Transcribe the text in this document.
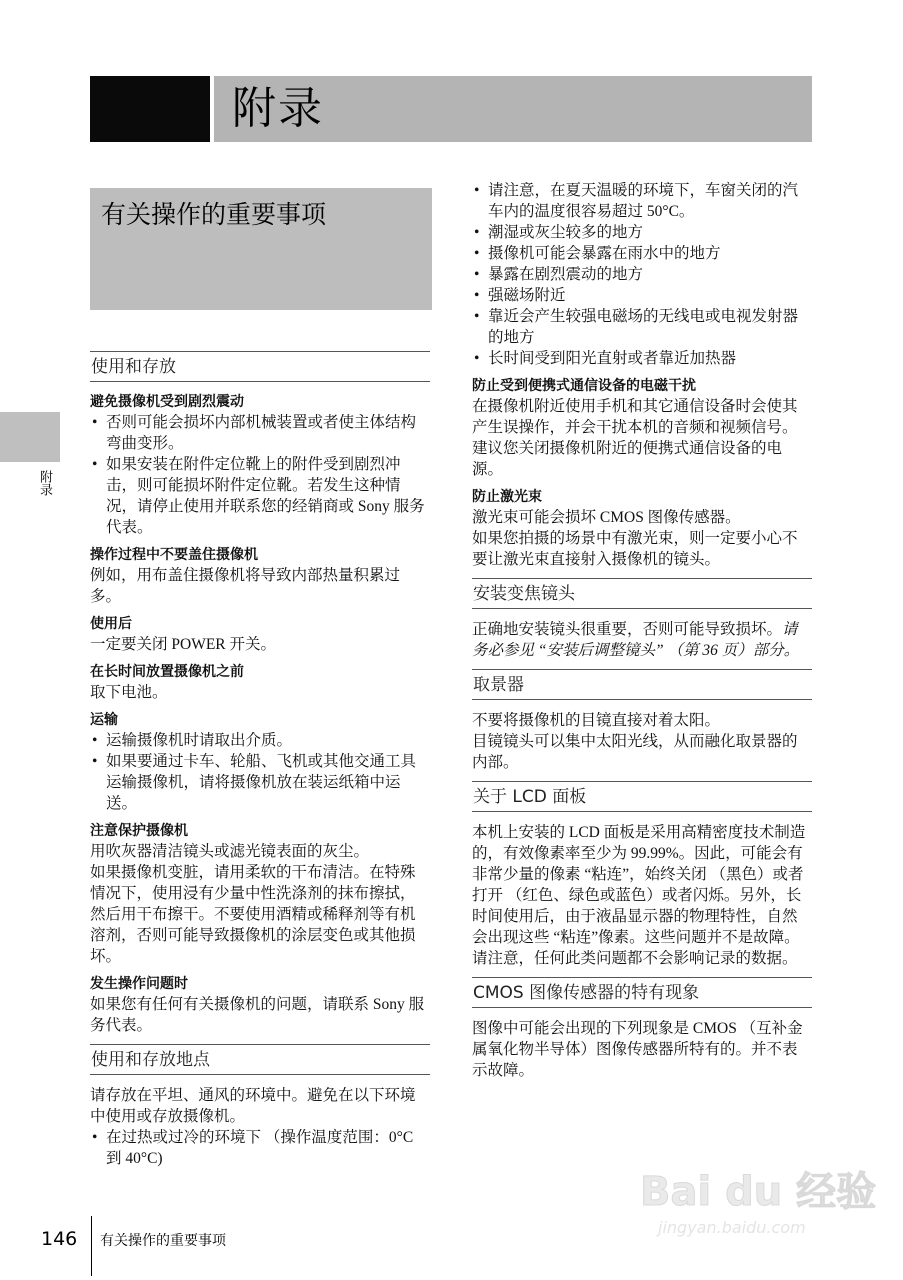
附录
有关操作的重要事项
附录
使用和存放
避免摄像机受到剧烈震动
• 否则可能会损坏内部机械装置或者使主体结构弯曲变形。
• 如果安装在附件定位靴上的附件受到剧烈冲击，则可能损坏附件定位靴。若发生这种情况，请停止使用并联系您的经销商或 Sony 服务代表。
操作过程中不要盖住摄像机

例如，用布盖住摄像机将导致内部热量积累过多。

使用后

一定要关闭 POWER 开关。

在长时间放置摄像机之前

取下电池。

运输
• 运输摄像机时请取出介质。
• 如果要通过卡车、轮船、飞机或其他交通工具运输摄像机，请将摄像机放在装运纸箱中运送。
注意保护摄像机

用吹灰器清洁镜头或滤光镜表面的灰尘。

如果摄像机变脏，请用柔软的干布清洁。在特殊情况下，使用浸有少量中性洗涤剂的抹布擦拭，然后用干布擦干。不要使用酒精或稀释剂等有机溶剂，否则可能导致摄像机的涂层变色或其他损坏。

发生操作问题时

如果您有任何有关摄像机的问题，请联系 Sony 服务代表。

使用和存放地点

请存放在平坦、通风的环境中。避免在以下环境中使用或存放摄像机。

• 在过热或过冷的环境下 （操作温度范围：0°C 到 40°C)
• 请注意，在夏天温暖的环境下，车窗关闭的汽车内的温度很容易超过 50°C。
• 潮湿或灰尘较多的地方
• 摄像机可能会暴露在雨水中的地方
• 暴露在剧烈震动的地方
• 强磁场附近
• 靠近会产生较强电磁场的无线电或电视发射器的地方
• 长时间受到阳光直射或者靠近加热器
防止受到便携式通信设备的电磁干扰

在摄像机附近使用手机和其它通信设备时会使其产生误操作，并会干扰本机的音频和视频信号。

建议您关闭摄像机附近的便携式通信设备的电源。

防止激光束

激光束可能会损坏 CMOS 图像传感器。

如果您拍摄的场景中有激光束，则一定要小心不要让激光束直接射入摄像机的镜头。

安装变焦镜头

正确地安装镜头很重要，否则可能导致损坏。请务必参见 “安装后调整镜头” （第 36 页）部分。

取景器

不要将摄像机的目镜直接对着太阳。

目镜镜头可以集中太阳光线，从而融化取景器的内部。

关于 LCD 面板

本机上安装的 LCD 面板是采用高精密度技术制造的，有效像素率至少为 99.99%。因此，可能会有非常少量的像素 “粘连”，始终关闭 （黑色）或者打开 （红色、绿色或蓝色）或者闪烁。另外，长时间使用后，由于液晶显示器的物理特性，自然会出现这些 “粘连”像素。这些问题并不是故障。请注意，任何此类问题都不会影响记录的数据。

CMOS 图像传感器的特有现象

图像中可能会出现的下列现象是 CMOS （互补金属氧化物半导体）图像传感器所特有的。并不表示故障。

146 有关操作的重要事项
Bai du 经验
jingyan.baidu.com
